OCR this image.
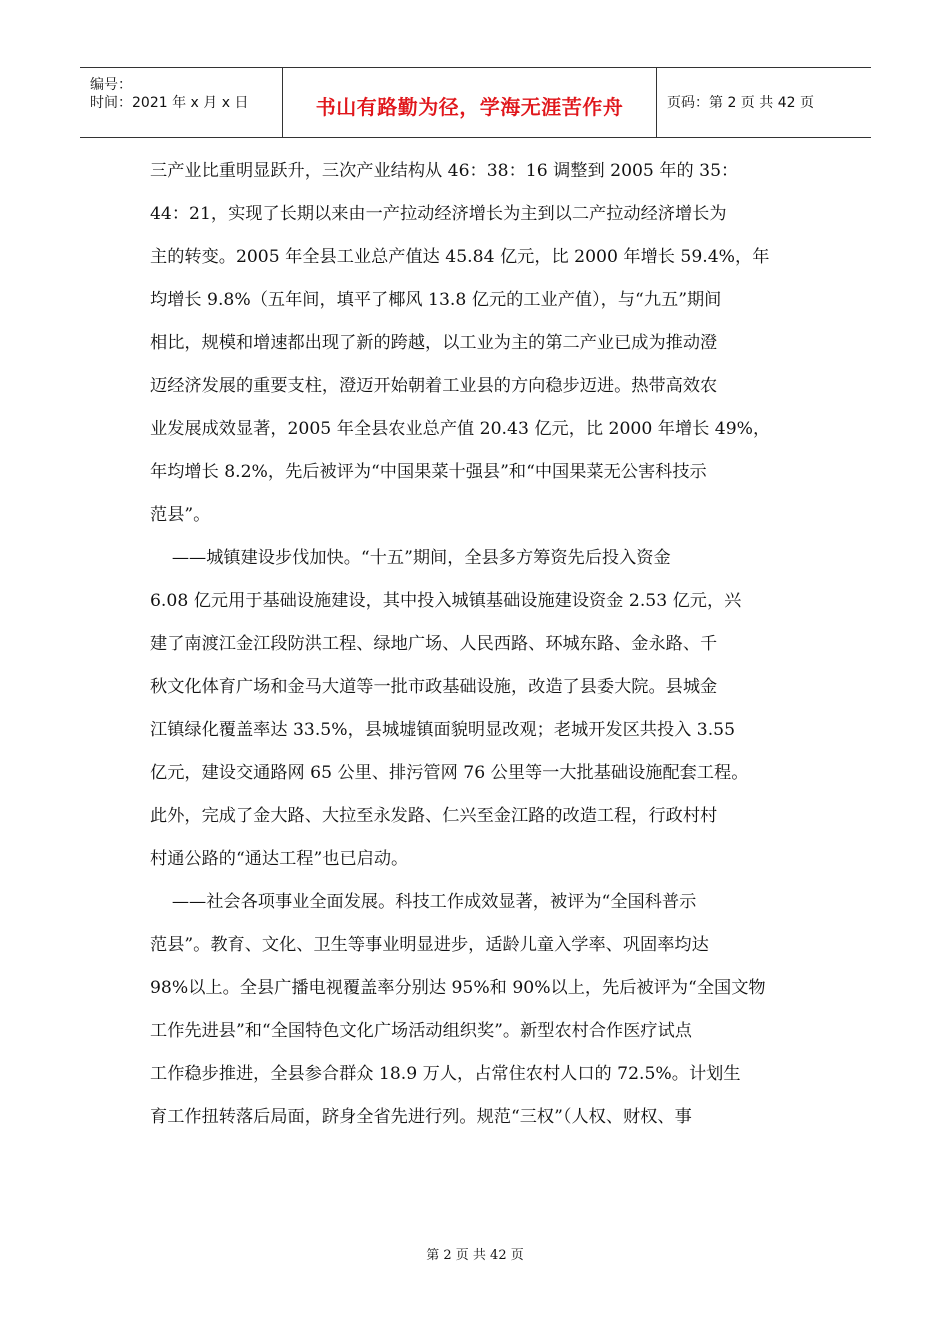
编号：
时间：2021 年 x 月 x 日	书山有路勤为径，学海无涯苦作舟	页码：第 2 页 共 42 页
三产业比重明显跃升，三次产业结构从 46：38：16 调整到 2005 年的 35：
44：21，实现了长期以来由一产拉动经济增长为主到以二产拉动经济增长为
主的转变。2005 年全县工业总产值达 45.84 亿元，比 2000 年增长 59.4%，年
均增长 9.8%（五年间，填平了椰风 13.8 亿元的工业产值），与“九五”期间
相比，规模和增速都出现了新的跨越，以工业为主的第二产业已成为推动澄
迈经济发展的重要支柱，澄迈开始朝着工业县的方向稳步迈进。热带高效农
业发展成效显著，2005 年全县农业总产值 20.43 亿元，比 2000 年增长 49%，
年均增长 8.2%，先后被评为“中国果菜十强县”和“中国果菜无公害科技示
范县”。
——城镇建设步伐加快。“十五”期间，全县多方筹资先后投入资金
6.08 亿元用于基础设施建设，其中投入城镇基础设施建设资金 2.53 亿元，兴
建了南渡江金江段防洪工程、绿地广场、人民西路、环城东路、金永路、千
秋文化体育广场和金马大道等一批市政基础设施，改造了县委大院。县城金
江镇绿化覆盖率达 33.5%，县城墟镇面貌明显改观；老城开发区共投入 3.55
亿元，建设交通路网 65 公里、排污管网 76 公里等一大批基础设施配套工程。
此外，完成了金大路、大拉至永发路、仁兴至金江路的改造工程，行政村村
村通公路的“通达工程”也已启动。
——社会各项事业全面发展。科技工作成效显著，被评为“全国科普示
范县”。教育、文化、卫生等事业明显进步，适龄儿童入学率、巩固率均达
98%以上。全县广播电视覆盖率分别达 95%和 90%以上，先后被评为“全国文物
工作先进县”和“全国特色文化广场活动组织奖”。新型农村合作医疗试点
工作稳步推进，全县参合群众 18.9 万人，占常住农村人口的 72.5%。计划生
育工作扭转落后局面，跻身全省先进行列。规范“三权”（人权、财权、事
第 2 页 共 42 页
